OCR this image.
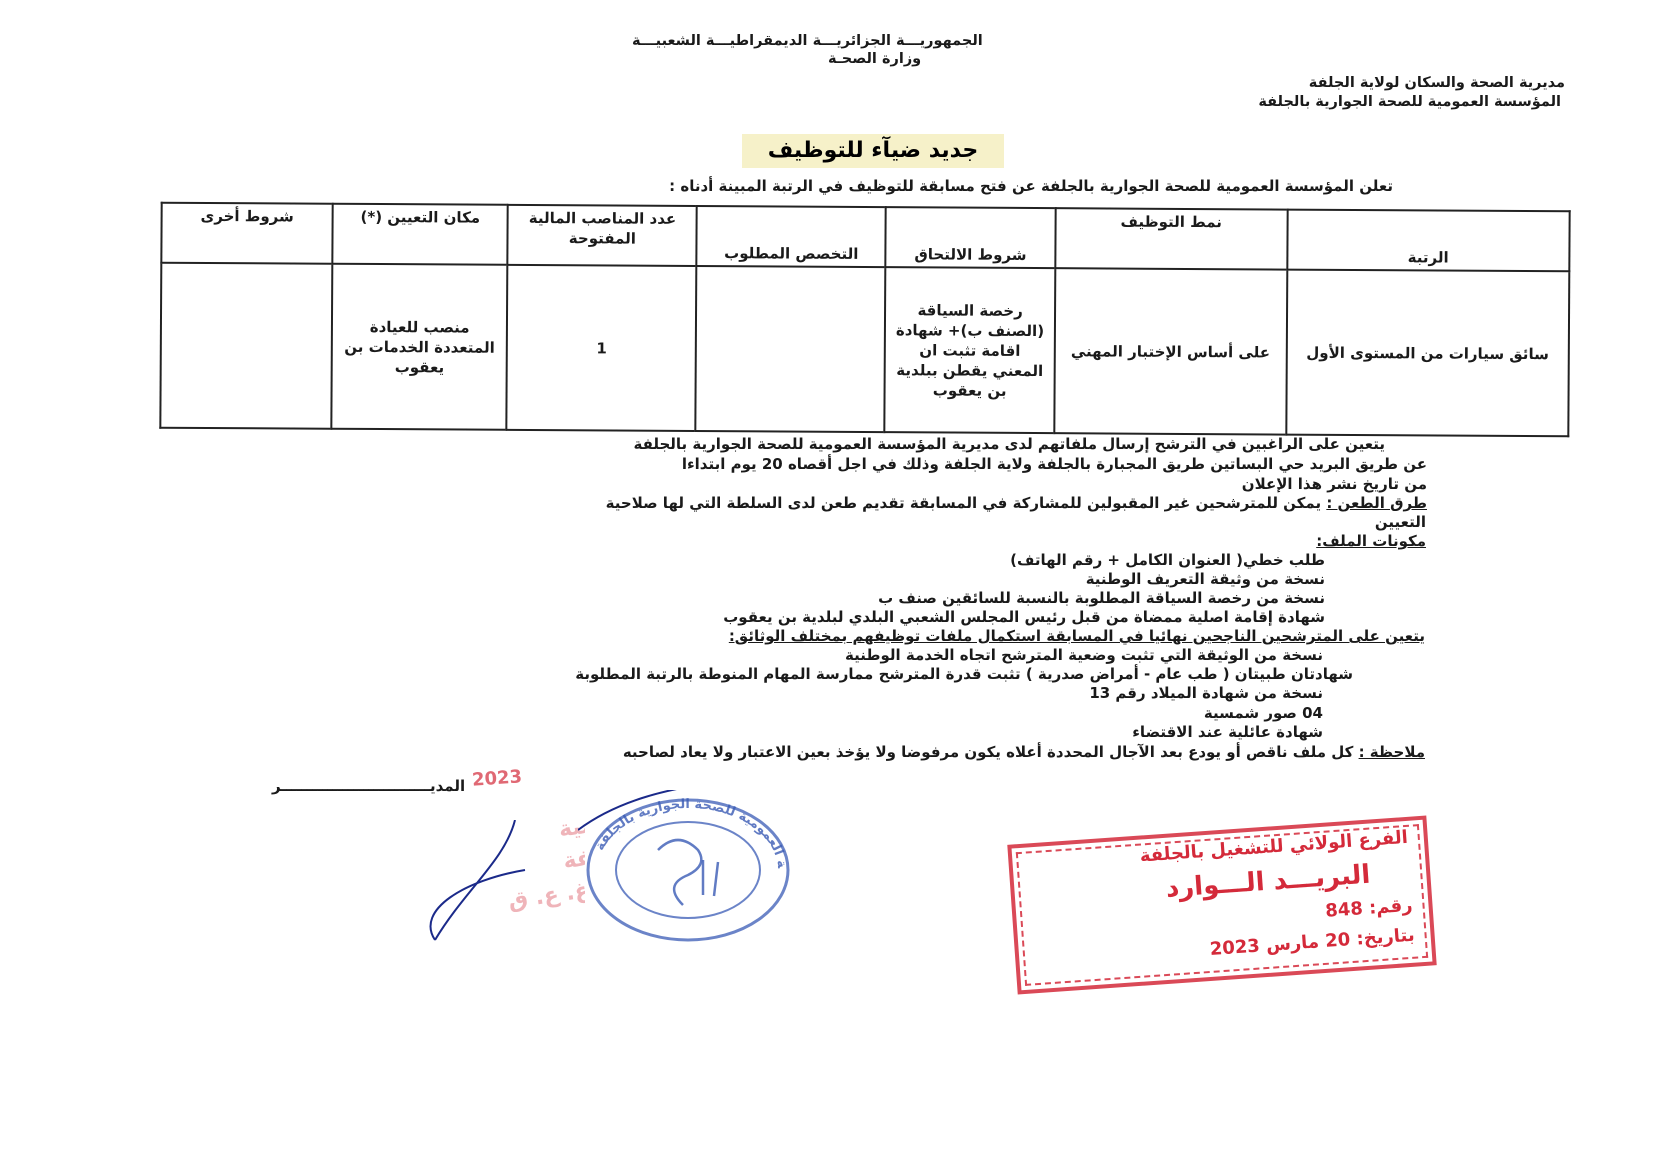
الجمهوريـــة الجزائريـــة الديمقراطيـــة الشعبيـــة
وزارة الصحـة
مديرية الصحة والسكان لولاية الجلفة
المؤسسة العمومية للصحة الجوارية بالجلفة
جديد ضيآء للتوظيف
تعلن المؤسسة العمومية للصحة الجوارية بالجلفة عن فتح مسابقة للتوظيف في الرتبة المبينة أدناه :
الرتبة	نمط التوظيف	شروط الالتحاق	التخصص المطلوب	عدد المناصب المالية المفتوحة	مكان التعيين (*)	شروط أخرى
سائق سيارات من المستوى الأول	على أساس الإختبار المهني	رخصة السياقة (الصنف ب)+ شهادة اقامة تثبت ان المعني يقطن ببلدية بن يعقوب		1	منصب للعيادة المتعددة الخدمات بن يعقوب	
يتعين على الراغبين في الترشح إرسال ملفاتهم لدى مديرية المؤسسة العمومية للصحة الجوارية بالجلفة
عن طريق البريد حي البساتين طريق المجبارة بالجلفة ولاية الجلفة وذلك في اجل أقصاه 20 يوم ابتداءا
من تاريخ نشر هذا الإعلان
طرق الطعن : يمكن للمترشحين غير المقبولين للمشاركة في المسابقة تقديم طعن لدى السلطة التي لها صلاحية
التعيين
مكونات الملف:
طلب خطي( العنوان الكامل + رقم الهاتف)
نسخة من وثيقة التعريف الوطنية
نسخة من رخصة السياقة المطلوبة بالنسبة للسائقين صنف ب
شهادة إقامة اصلية ممضاة من قبل رئيس المجلس الشعبي البلدي لبلدية بن يعقوب
يتعين على المترشحين الناجحين نهائيا في المسابقة استكمال ملفات توظيفهم بمختلف الوثائق:
نسخة من الوثيقة التي تثبت وضعية المترشح اتجاه الخدمة الوطنية
شهادتان طبيتان ( طب عام - أمراض صدرية ) تثبت قدرة المترشح ممارسة المهام المنوطة بالرتبة المطلوبة
نسخة من شهادة الميلاد رقم 13
04 صور شمسية
شهادة عائلية عند الاقتضاء
ملاحظة : كل ملف ناقص أو يودع بعد الآجال المحددة أعلاه يكون مرفوضا ولا يؤخذ بعين الاعتبار ولا يعاد لصاحبه
المديـــــــــــــــــــــــــــــر 2023
بالجلفة
غ. ع. ق
ة العمومية للصحة الجوارية بالجلفة
الفرع الولائي للتشغيل بالجلفة
البريـــد الـــوارد
رقم: 848
بتاريخ: 20 مارس 2023
